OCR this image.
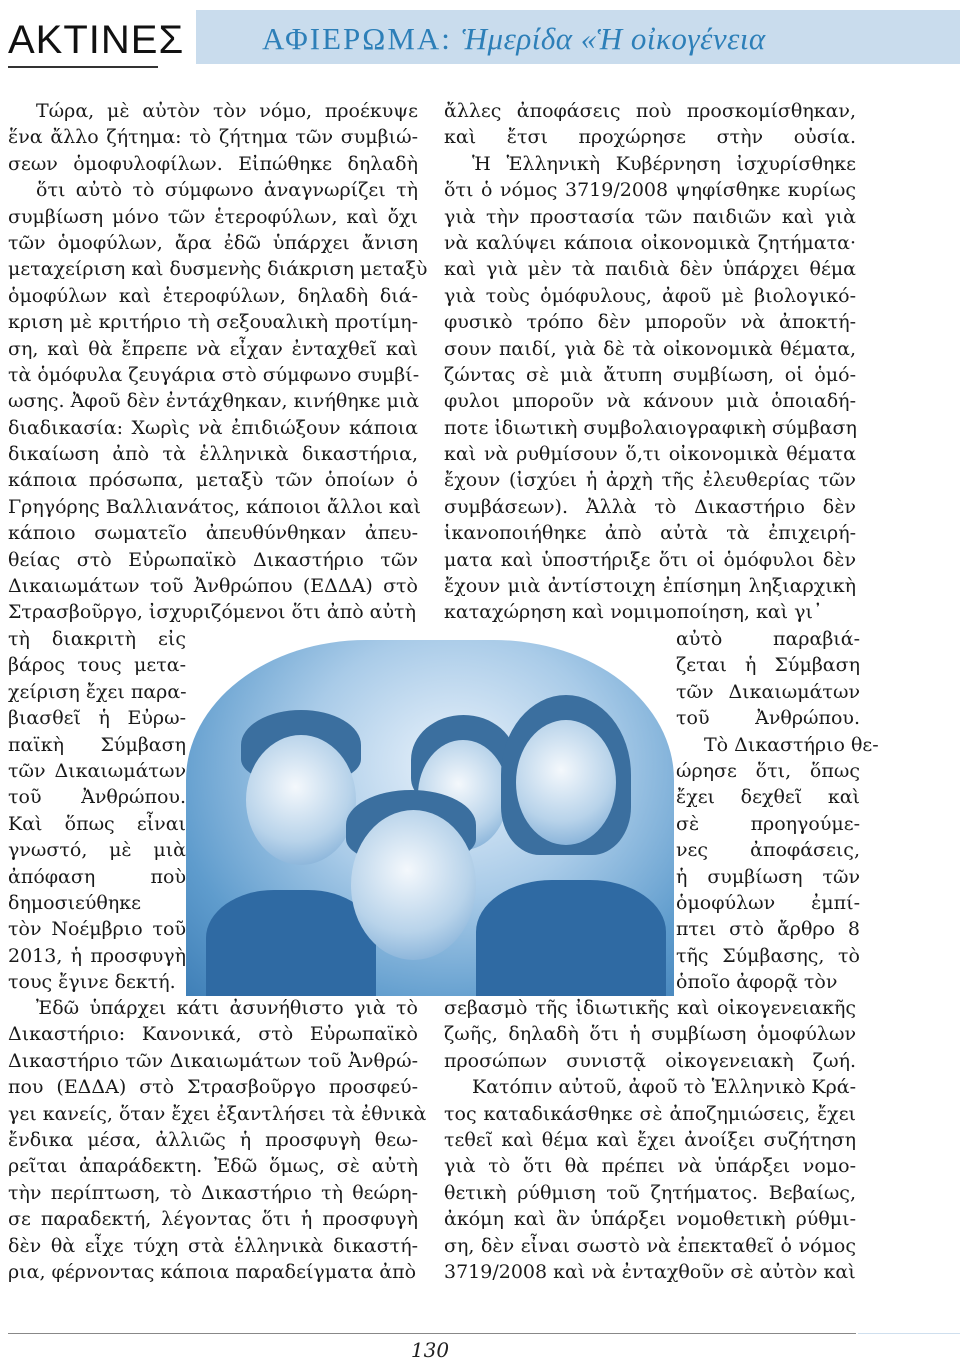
ΑΚΤΙΝΕΣ	ΑΦΙΕΡΩΜΑ: Ἡμερίδα «Ἡ οἰκογένεια
Τώρα, μὲ αὐτὸν τὸν νόμο, προέκυψε
ἕνα ἄλλο ζήτημα: τὸ ζήτημα τῶν συμβιώ-
σεων ὁμοφυλοφίλων. Εἰπώθηκε δηλαδὴ
ὅτι αὐτὸ τὸ σύμφωνο ἀναγνωρίζει τὴ
συμβίωση μόνο τῶν ἑτεροφύλων, καὶ ὄχι
τῶν ὁμοφύλων, ἄρα ἐδῶ ὑπάρχει ἄνιση
μεταχείριση καὶ δυσμενὴς διάκριση μεταξὺ
ὁμοφύλων καὶ ἑτεροφύλων, δηλαδὴ διά-
κριση μὲ κριτήριο τὴ σεξουαλικὴ προτίμη-
ση, καὶ θὰ ἔπρεπε νὰ εἶχαν ἐνταχθεῖ καὶ
τὰ ὁμόφυλα ζευγάρια στὸ σύμφωνο συμβί-
ωσης. Ἀφοῦ δὲν ἐντάχθηκαν, κινήθηκε μιὰ
διαδικασία: Χωρὶς νὰ ἐπιδιώξουν κάποια
δικαίωση ἀπὸ τὰ ἑλληνικὰ δικαστήρια,
κάποια πρόσωπα, μεταξὺ τῶν ὁποίων ὁ
Γρηγόρης Βαλλιανάτος, κάποιοι ἄλλοι καὶ
κάποιο σωματεῖο ἀπευθύνθηκαν ἀπευ-
θείας στὸ Εὐρωπαϊκὸ Δικαστήριο τῶν
Δικαιωμάτων τοῦ Ἀνθρώπου (ΕΔΔΑ) στὸ
Στρασβοῦργο, ἰσχυριζόμενοι ὅτι ἀπὸ αὐτὴ
τὴ διακριτὴ εἰς
βάρος τους μετα-
χείριση ἔχει παρα-
βιασθεῖ ἡ Εὐρω-
παϊκὴ Σύμβαση
τῶν Δικαιωμάτων
τοῦ Ἀνθρώπου.
Καὶ ὅπως εἶναι
γνωστό, μὲ μιὰ
ἀπόφαση ποὺ
δημοσιεύθηκε
τὸν Νοέμβριο τοῦ
2013, ἡ προσφυγὴ
τους ἔγινε δεκτή.
Ἐδῶ ὑπάρχει κάτι ἀσυνήθιστο γιὰ τὸ
Δικαστήριο: Κανονικά, στὸ Εὐρωπαϊκὸ
Δικαστήριο τῶν Δικαιωμάτων τοῦ Ἀνθρώ-
που (ΕΔΔΑ) στὸ Στρασβοῦργο προσφεύ-
γει κανείς, ὅταν ἔχει ἐξαντλήσει τὰ ἐθνικὰ
ἔνδικα μέσα, ἀλλιῶς ἡ προσφυγὴ θεω-
ρεῖται ἀπαράδεκτη. Ἐδῶ ὅμως, σὲ αὐτὴ
τὴν περίπτωση, τὸ Δικαστήριο τὴ θεώρη-
σε παραδεκτή, λέγοντας ὅτι ἡ προσφυγὴ
δὲν θὰ εἶχε τύχη στὰ ἑλληνικὰ δικαστή-
ρια, φέρνοντας κάποια παραδείγματα ἀπὸ
ἄλλες ἀποφάσεις ποὺ προσκομίσθηκαν,
καὶ ἔτσι προχώρησε στὴν οὐσία.
Ἡ Ἑλληνικὴ Κυβέρνηση ἰσχυρίσθηκε
ὅτι ὁ νόμος 3719/2008 ψηφίσθηκε κυρίως
γιὰ τὴν προστασία τῶν παιδιῶν καὶ γιὰ
νὰ καλύψει κάποια οἰκονομικὰ ζητήματα·
καὶ γιὰ μὲν τὰ παιδιὰ δὲν ὑπάρχει θέμα
γιὰ τοὺς ὁμόφυλους, ἀφοῦ μὲ βιολογικό-
φυσικὸ τρόπο δὲν μποροῦν νὰ ἀποκτή-
σουν παιδί, γιὰ δὲ τὰ οἰκονομικὰ θέματα,
ζώντας σὲ μιὰ ἄτυπη συμβίωση, οἱ ὁμό-
φυλοι μποροῦν νὰ κάνουν μιὰ ὁποιαδή-
ποτε ἰδιωτικὴ συμβολαιογραφικὴ σύμβαση
καὶ νὰ ρυθμίσουν ὅ,τι οἰκονομικὰ θέματα
ἔχουν (ἰσχύει ἡ ἀρχὴ τῆς ἐλευθερίας τῶν
συμβάσεων). Ἀλλὰ τὸ Δικαστήριο δὲν
ἱκανοποιήθηκε ἀπὸ αὐτὰ τὰ ἐπιχειρή-
ματα καὶ ὑποστήριξε ὅτι οἱ ὁμόφυλοι δὲν
ἔχουν μιὰ ἀντίστοιχη ἐπίσημη ληξιαρχικὴ
καταχώρηση καὶ νομιμοποίηση, καὶ γι᾽
αὐτὸ παραβιά-
ζεται ἡ Σύμβαση
τῶν Δικαιωμάτων
τοῦ Ἀνθρώπου.
Τὸ Δικαστήριο θε-
ώρησε ὅτι, ὅπως
ἔχει δεχθεῖ καὶ
σὲ προηγούμε-
νες ἀποφάσεις,
ἡ συμβίωση τῶν
ὁμοφύλων ἐμπί-
πτει στὸ ἄρθρο 8
τῆς Σύμβασης, τὸ
ὁποῖο ἀφορᾷ τὸν
σεβασμὸ τῆς ἰδιωτικῆς καὶ οἰκογενειακῆς
ζωῆς, δηλαδὴ ὅτι ἡ συμβίωση ὁμοφύλων
προσώπων συνιστᾷ οἰκογενειακὴ ζωή.
Κατόπιν αὐτοῦ, ἀφοῦ τὸ Ἑλληνικὸ Κρά-
τος καταδικάσθηκε σὲ ἀποζημιώσεις, ἔχει
τεθεῖ καὶ θέμα καὶ ἔχει ἀνοίξει συζήτηση
γιὰ τὸ ὅτι θὰ πρέπει νὰ ὑπάρξει νομο-
θετικὴ ρύθμιση τοῦ ζητήματος. Βεβαίως,
ἀκόμη καὶ ἂν ὑπάρξει νομοθετικὴ ρύθμι-
ση, δὲν εἶναι σωστὸ νὰ ἐπεκταθεῖ ὁ νόμος
3719/2008 καὶ νὰ ἐνταχθοῦν σὲ αὐτὸν καὶ
130
